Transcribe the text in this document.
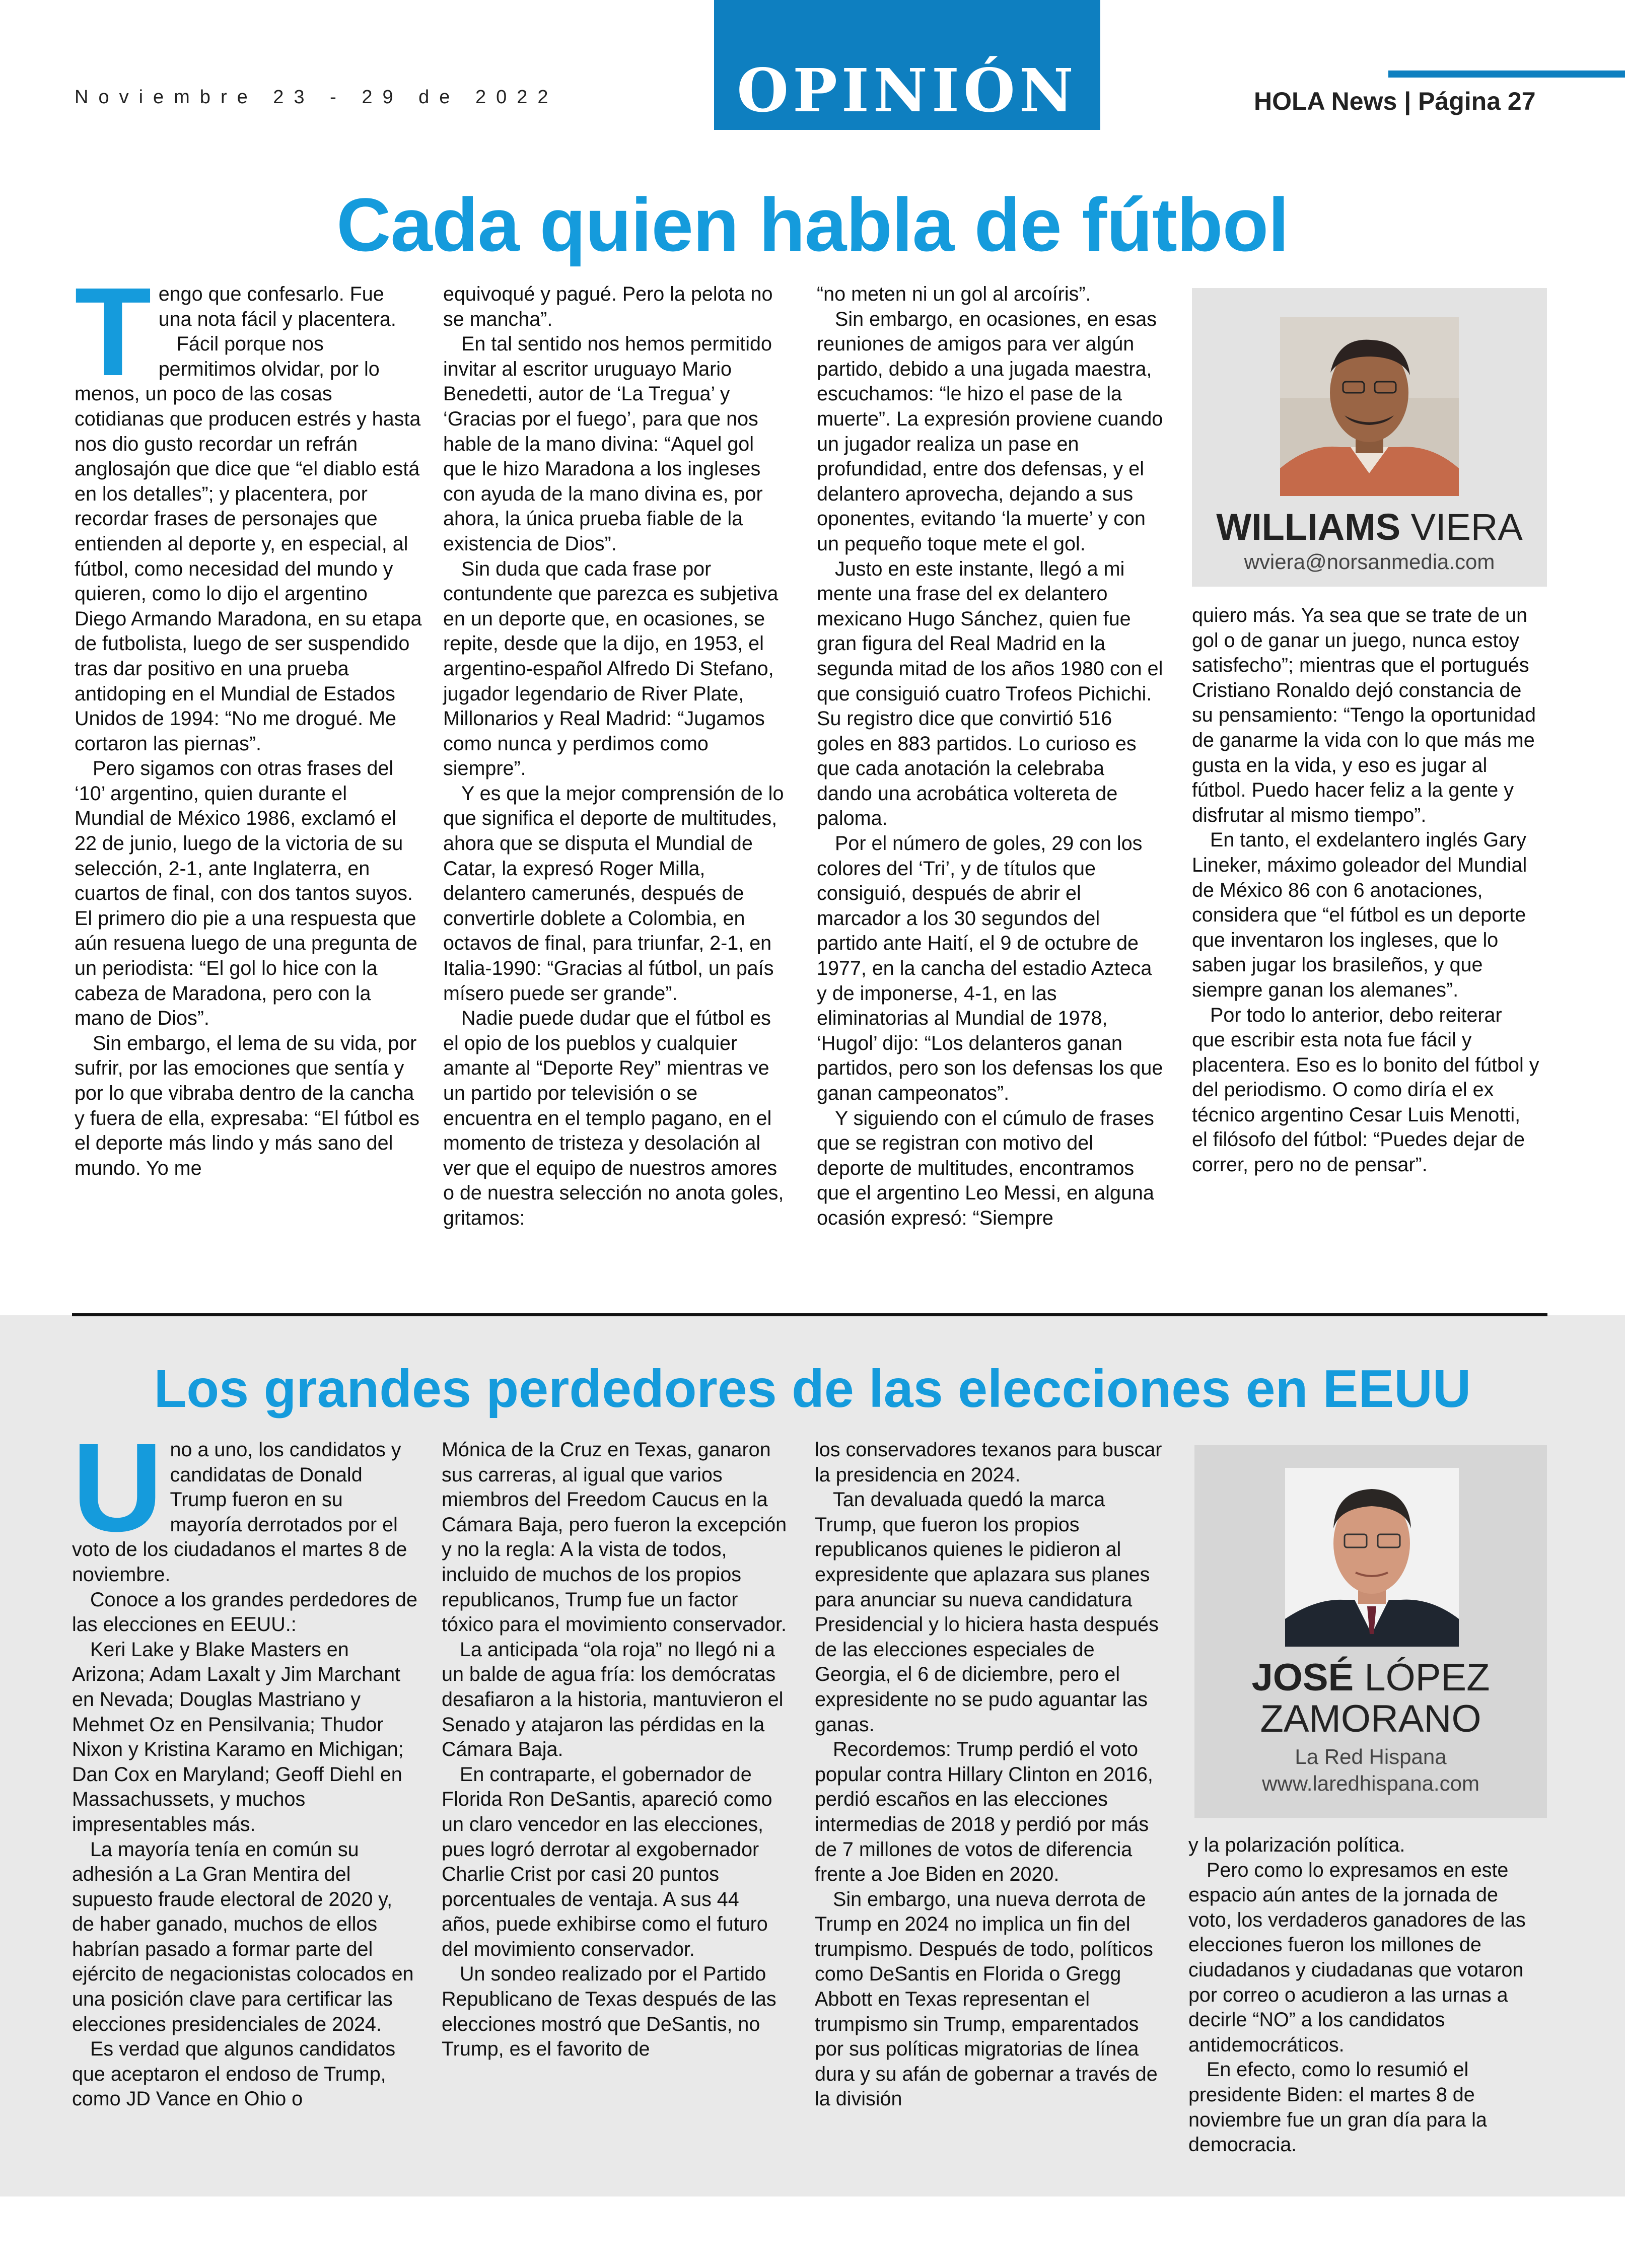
Noviembre 23 - 29 de 2022	OPINIÓN	HOLA News | Página 27
Cada quien habla de fútbol

Tengo que confesarlo. Fue una nota fácil y placentera.

Fácil porque nos permitimos olvidar, por lo menos, un poco de las cosas cotidianas que producen estrés y hasta nos dio gusto recordar un refrán anglosajón que dice que “el diablo está en los detalles”; y placentera, por recordar frases de personajes que entienden al deporte y, en especial, al fútbol, como necesidad del mundo y quieren, como lo dijo el argentino Diego Armando Maradona, en su etapa de futbolista, luego de ser suspendido tras dar positivo en una prueba antidoping en el Mundial de Estados Unidos de 1994: “No me drogué. Me cortaron las piernas”.

Pero sigamos con otras frases del ‘10’ argentino, quien durante el Mundial de México 1986, exclamó el 22 de junio, luego de la victoria de su selección, 2-1, ante Inglaterra, en cuartos de final, con dos tantos suyos. El primero dio pie a una respuesta que aún resuena luego de una pregunta de un periodista: “El gol lo hice con la cabeza de Maradona, pero con la mano de Dios”.

Sin embargo, el lema de su vida, por sufrir, por las emociones que sentía y por lo que vibraba dentro de la cancha y fuera de ella, expresaba: “El fútbol es el deporte más lindo y más sano del mundo. Yo me

equivoqué y pagué. Pero la pelota no se mancha”.

En tal sentido nos hemos permitido invitar al escritor uruguayo Mario Benedetti, autor de ‘La Tregua’ y ‘Gracias por el fuego’, para que nos hable de la mano divina: “Aquel gol que le hizo Maradona a los ingleses con ayuda de la mano divina es, por ahora, la única prueba fiable de la existencia de Dios”.

Sin duda que cada frase por contundente que parezca es subjetiva en un deporte que, en ocasiones, se repite, desde que la dijo, en 1953, el argentino-español Alfredo Di Stefano, jugador legendario de River Plate, Millonarios y Real Madrid: “Jugamos como nunca y perdimos como siempre”.

Y es que la mejor comprensión de lo que significa el deporte de multitudes, ahora que se disputa el Mundial de Catar, la expresó Roger Milla, delantero camerunés, después de convertirle doblete a Colombia, en octavos de final, para triunfar, 2-1, en Italia-1990: “Gracias al fútbol, un país mísero puede ser grande”.

Nadie puede dudar que el fútbol es el opio de los pueblos y cualquier amante al “Deporte Rey” mientras ve un partido por televisión o se encuentra en el templo pagano, en el momento de tristeza y desolación al ver que el equipo de nuestros amores o de nuestra selección no anota goles, gritamos:

“no meten ni un gol al arcoíris”.

Sin embargo, en ocasiones, en esas reuniones de amigos para ver algún partido, debido a una jugada maestra, escuchamos: “le hizo el pase de la muerte”. La expresión proviene cuando un jugador realiza un pase en profundidad, entre dos defensas, y el delantero aprovecha, dejando a sus oponentes, evitando ‘la muerte’ y con un pequeño toque mete el gol.

Justo en este instante, llegó a mi mente una frase del ex delantero mexicano Hugo Sánchez, quien fue gran figura del Real Madrid en la segunda mitad de los años 1980 con el que consiguió cuatro Trofeos Pichichi. Su registro dice que convirtió 516 goles en 883 partidos. Lo curioso es que cada anotación la celebraba dando una acrobática voltereta de paloma.

Por el número de goles, 29 con los colores del ‘Tri’, y de títulos que consiguió, después de abrir el marcador a los 30 segundos del partido ante Haití, el 9 de octubre de 1977, en la cancha del estadio Azteca y de imponerse, 4-1, en las eliminatorias al Mundial de 1978, ‘Hugol’ dijo: “Los delanteros ganan partidos, pero son los defensas los que ganan campeonatos”.

Y siguiendo con el cúmulo de frases que se registran con motivo del deporte de multitudes, encontramos que el argentino Leo Messi, en alguna ocasión expresó: “Siempre

WILLIAMS VIERA
wviera@norsanmedia.com

quiero más. Ya sea que se trate de un gol o de ganar un juego, nunca estoy satisfecho”; mientras que el portugués Cristiano Ronaldo dejó constancia de su pensamiento: “Tengo la oportunidad de ganarme la vida con lo que más me gusta en la vida, y eso es jugar al fútbol. Puedo hacer feliz a la gente y disfrutar al mismo tiempo”.

En tanto, el exdelantero inglés Gary Lineker, máximo goleador del Mundial de México 86 con 6 anotaciones, considera que “el fútbol es un deporte que inventaron los ingleses, que lo saben jugar los brasileños, y que siempre ganan los alemanes”.

Por todo lo anterior, debo reiterar que escribir esta nota fue fácil y placentera. Eso es lo bonito del fútbol y del periodismo. O como diría el ex técnico argentino Cesar Luis Menotti, el filósofo del fútbol: “Puedes dejar de correr, pero no de pensar”.

Los grandes perdedores de las elecciones en EEUU

Uno a uno, los candidatos y candidatas de Donald Trump fueron en su mayoría derrotados por el voto de los ciudadanos el martes 8 de noviembre.

Conoce a los grandes perdedores de las elecciones en EEUU.:

Keri Lake y Blake Masters en Arizona; Adam Laxalt y Jim Marchant en Nevada; Douglas Mastriano y Mehmet Oz en Pensilvania; Thudor Nixon y Kristina Karamo en Michigan; Dan Cox en Maryland; Geoff Diehl en Massachussets, y muchos impresentables más.

La mayoría tenía en común su adhesión a La Gran Mentira del supuesto fraude electoral de 2020 y, de haber ganado, muchos de ellos habrían pasado a formar parte del ejército de negacionistas colocados en una posición clave para certificar las elecciones presidenciales de 2024.

Es verdad que algunos candidatos que aceptaron el endoso de Trump, como JD Vance en Ohio o

Mónica de la Cruz en Texas, ganaron sus carreras, al igual que varios miembros del Freedom Caucus en la Cámara Baja, pero fueron la excepción y no la regla: A la vista de todos, incluido de muchos de los propios republicanos, Trump fue un factor tóxico para el movimiento conservador.

La anticipada “ola roja” no llegó ni a un balde de agua fría: los demócratas desafiaron a la historia, mantuvieron el Senado y atajaron las pérdidas en la Cámara Baja.

En contraparte, el gobernador de Florida Ron DeSantis, apareció como un claro vencedor en las elecciones, pues logró derrotar al exgobernador Charlie Crist por casi 20 puntos porcentuales de ventaja. A sus 44 años, puede exhibirse como el futuro del movimiento conservador.

Un sondeo realizado por el Partido Republicano de Texas después de las elecciones mostró que DeSantis, no Trump, es el favorito de

los conservadores texanos para buscar la presidencia en 2024.

Tan devaluada quedó la marca Trump, que fueron los propios republicanos quienes le pidieron al expresidente que aplazara sus planes para anunciar su nueva candidatura Presidencial y lo hiciera hasta después de las elecciones especiales de Georgia, el 6 de diciembre, pero el expresidente no se pudo aguantar las ganas.

Recordemos: Trump perdió el voto popular contra Hillary Clinton en 2016, perdió escaños en las elecciones intermedias de 2018 y perdió por más de 7 millones de votos de diferencia frente a Joe Biden en 2020.

Sin embargo, una nueva derrota de Trump en 2024 no implica un fin del trumpismo. Después de todo, políticos como DeSantis en Florida o Gregg Abbott en Texas representan el trumpismo sin Trump, emparentados por sus políticas migratorias de línea dura y su afán de gobernar a través de la división

JOSÉ LÓPEZ
ZAMORANO
La Red Hispana
www.laredhispana.com

y la polarización política.

Pero como lo expresamos en este espacio aún antes de la jornada de voto, los verdaderos ganadores de las elecciones fueron los millones de ciudadanos y ciudadanas que votaron por correo o acudieron a las urnas a decirle “NO” a los candidatos antidemocráticos.

En efecto, como lo resumió el presidente Biden: el martes 8 de noviembre fue un gran día para la democracia.
